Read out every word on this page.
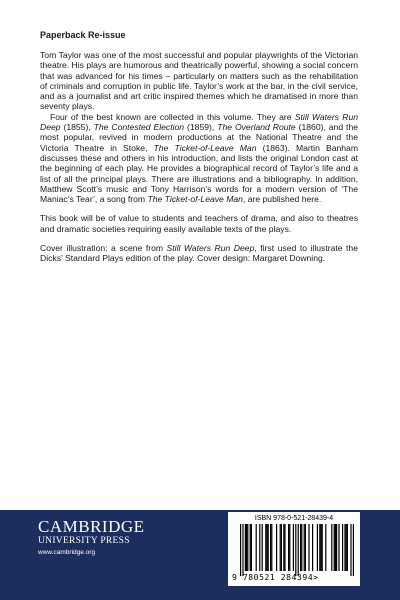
Paperback Re-issue

Tom Taylor was one of the most successful and popular playwrights of the Victorian theatre. His plays are humorous and theatrically powerful, showing a social concern that was advanced for his times – particularly on matters such as the rehabilitation of criminals and corruption in public life. Taylor’s work at the bar, in the civil service, and as a journalist and art critic inspired themes which he dramatised in more than seventy plays.

Four of the best known are collected in this volume. They are Still Waters Run Deep (1855), The Contested Election (1859), The Overland Route (1860), and the most popular, revived in modern productions at the National Theatre and the Victoria Theatre in Stoke, The Ticket-of-Leave Man (1863). Martin Banham discusses these and others in his introduction, and lists the original London cast at the beginning of each play. He provides a biographical record of Taylor’s life and a list of all the principal plays. There are illustrations and a bibliography. In addition, Matthew Scott’s music and Tony Harrison’s words for a modern version of ‘The Maniac’s Tear’, a song from The Ticket-of-Leave Man, are published here.

This book will be of value to students and teachers of drama, and also to theatres and dramatic societies requiring easily available texts of the plays.

Cover illustration: a scene from Still Waters Run Deep, first used to illustrate the Dicks’ Standard Plays edition of the play. Cover design: Margaret Downing.

CAMBRIDGE
UNIVERSITY PRESS
www.cambridge.org
ISBN 978-0-521-28439-4
9 780521 284394>
